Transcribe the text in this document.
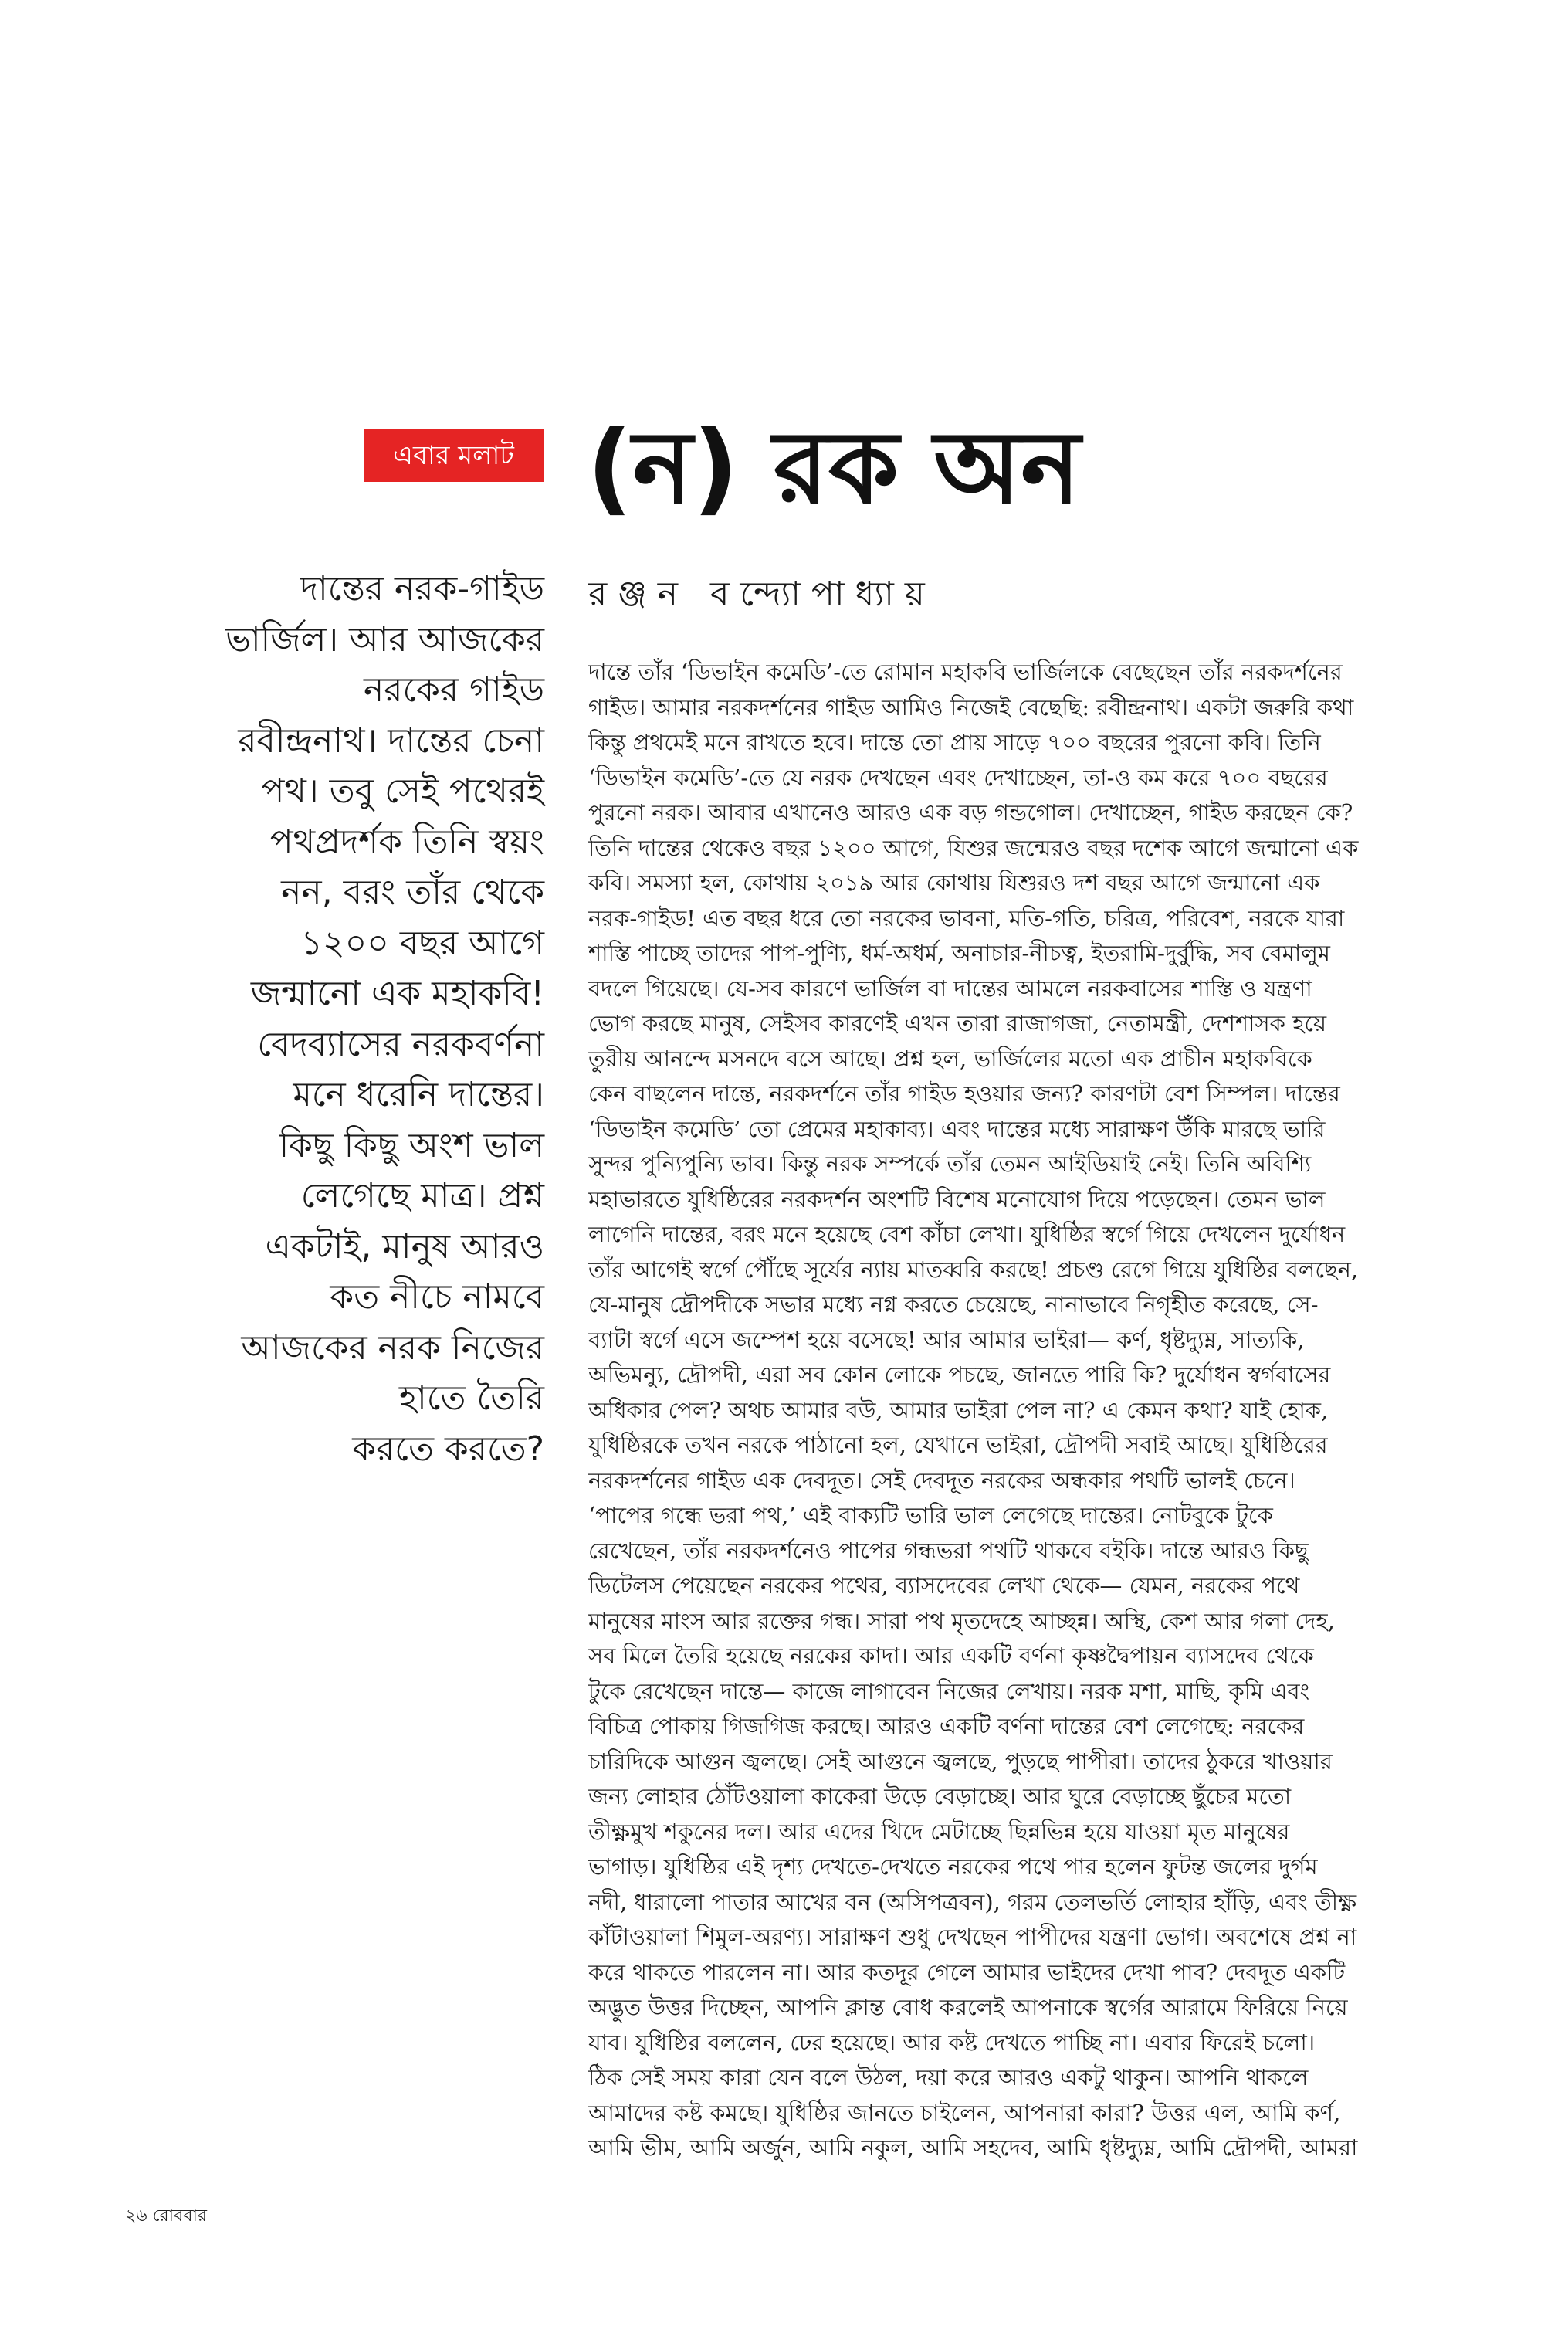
এবার মলাট (ন) রক অন
রঞ্জন বন্দ্যোপাধ্যায়
দান্তের নরক-গাইড
ভার্জিল। আর আজকের
নরকের গাইড
রবীন্দ্রনাথ। দান্তের চেনা
পথ। তবু সেই পথেরই
পথপ্রদর্শক তিনি স্বয়ং
নন, বরং তাঁর থেকে
১২০০ বছর আগে
জন্মানো এক মহাকবি!
বেদব্যাসের নরকবর্ণনা
মনে ধরেনি দান্তের।
কিছু কিছু অংশ ভাল
লেগেছে মাত্র। প্রশ্ন
একটাই, মানুষ আরও
কত নীচে নামবে
আজকের নরক নিজের
হাতে তৈরি
করতে করতে?
দান্তে তাঁর ‘ডিভাইন কমেডি’-তে রোমান মহাকবি ভার্জিলকে বেছেছেন তাঁর নরকদর্শনের
গাইড। আমার নরকদর্শনের গাইড আমিও নিজেই বেছেছি: রবীন্দ্রনাথ। একটা জরুরি কথা
কিন্তু প্রথমেই মনে রাখতে হবে। দান্তে তো প্রায় সাড়ে ৭০০ বছরের পুরনো কবি। তিনি
‘ডিভাইন কমেডি’-তে যে নরক দেখছেন এবং দেখাচ্ছেন, তা-ও কম করে ৭০০ বছরের
পুরনো নরক। আবার এখানেও আরও এক বড় গন্ডগোল। দেখাচ্ছেন, গাইড করছেন কে?
তিনি দান্তের থেকেও বছর ১২০০ আগে, যিশুর জন্মেরও বছর দশেক আগে জন্মানো এক
কবি। সমস্যা হল, কোথায় ২০১৯ আর কোথায় যিশুরও দশ বছর আগে জন্মানো এক
নরক-গাইড! এত বছর ধরে তো নরকের ভাবনা, মতি-গতি, চরিত্র, পরিবেশ, নরকে যারা
শাস্তি পাচ্ছে তাদের পাপ-পুণ্যি, ধর্ম-অধর্ম, অনাচার-নীচত্ব, ইতরামি-দুর্বুদ্ধি, সব বেমালুম
বদলে গিয়েছে। যে-সব কারণে ভার্জিল বা দান্তের আমলে নরকবাসের শাস্তি ও যন্ত্রণা
ভোগ করছে মানুষ, সেইসব কারণেই এখন তারা রাজাগজা, নেতামন্ত্রী, দেশশাসক হয়ে
তুরীয় আনন্দে মসনদে বসে আছে। প্রশ্ন হল, ভার্জিলের মতো এক প্রাচীন মহাকবিকে
কেন বাছলেন দান্তে, নরকদর্শনে তাঁর গাইড হওয়ার জন্য? কারণটা বেশ সিম্পল। দান্তের
‘ডিভাইন কমেডি’ তো প্রেমের মহাকাব্য। এবং দান্তের মধ্যে সারাক্ষণ উঁকি মারছে ভারি
সুন্দর পুন্যিপুন্যি ভাব। কিন্তু নরক সম্পর্কে তাঁর তেমন আইডিয়াই নেই। তিনি অবিশ্যি
মহাভারতে যুধিষ্ঠিরের নরকদর্শন অংশটি বিশেষ মনোযোগ দিয়ে পড়েছেন। তেমন ভাল
লাগেনি দান্তের, বরং মনে হয়েছে বেশ কাঁচা লেখা। যুধিষ্ঠির স্বর্গে গিয়ে দেখলেন দুর্যোধন
তাঁর আগেই স্বর্গে পৌঁছে সূর্যের ন্যায় মাতব্বরি করছে! প্রচণ্ড রেগে গিয়ে যুধিষ্ঠির বলছেন,
যে-মানুষ দ্রৌপদীকে সভার মধ্যে নগ্ন করতে চেয়েছে, নানাভাবে নিগৃহীত করেছে, সে-
ব্যাটা স্বর্গে এসে জম্পেশ হয়ে বসেছে! আর আমার ভাইরা— কর্ণ, ধৃষ্টদ্যুম্ন, সাত্যকি,
অভিমন্যু, দ্রৌপদী, এরা সব কোন লোকে পচছে, জানতে পারি কি? দুর্যোধন স্বর্গবাসের
অধিকার পেল? অথচ আমার বউ, আমার ভাইরা পেল না? এ কেমন কথা? যাই হোক,
যুধিষ্ঠিরকে তখন নরকে পাঠানো হল, যেখানে ভাইরা, দ্রৌপদী সবাই আছে। যুধিষ্ঠিরের
নরকদর্শনের গাইড এক দেবদূত। সেই দেবদূত নরকের অন্ধকার পথটি ভালই চেনে।
‘পাপের গন্ধে ভরা পথ,’ এই বাক্যটি ভারি ভাল লেগেছে দান্তের। নোটবুকে টুকে
রেখেছেন, তাঁর নরকদর্শনেও পাপের গন্ধভরা পথটি থাকবে বইকি। দান্তে আরও কিছু
ডিটেলস পেয়েছেন নরকের পথের, ব্যাসদেবের লেখা থেকে— যেমন, নরকের পথে
মানুষের মাংস আর রক্তের গন্ধ। সারা পথ মৃতদেহে আচ্ছন্ন। অস্থি, কেশ আর গলা দেহ,
সব মিলে তৈরি হয়েছে নরকের কাদা। আর একটি বর্ণনা কৃষ্ণদ্বৈপায়ন ব্যাসদেব থেকে
টুকে রেখেছেন দান্তে— কাজে লাগাবেন নিজের লেখায়। নরক মশা, মাছি, কৃমি এবং
বিচিত্র পোকায় গিজগিজ করছে। আরও একটি বর্ণনা দান্তের বেশ লেগেছে: নরকের
চারিদিকে আগুন জ্বলছে। সেই আগুনে জ্বলছে, পুড়ছে পাপীরা। তাদের ঠুকরে খাওয়ার
জন্য লোহার ঠোঁটওয়ালা কাকেরা উড়ে বেড়াচ্ছে। আর ঘুরে বেড়াচ্ছে ছুঁচের মতো
তীক্ষ্ণমুখ শকুনের দল। আর এদের খিদে মেটাচ্ছে ছিন্নভিন্ন হয়ে যাওয়া মৃত মানুষের
ভাগাড়। যুধিষ্ঠির এই দৃশ্য দেখতে-দেখতে নরকের পথে পার হলেন ফুটন্ত জলের দুর্গম
নদী, ধারালো পাতার আখের বন (অসিপত্রবন), গরম তেলভর্তি লোহার হাঁড়ি, এবং তীক্ষ্ণ
কাঁটাওয়ালা শিমুল-অরণ্য। সারাক্ষণ শুধু দেখছেন পাপীদের যন্ত্রণা ভোগ। অবশেষে প্রশ্ন না
করে থাকতে পারলেন না। আর কতদূর গেলে আমার ভাইদের দেখা পাব? দেবদূত একটি
অদ্ভুত উত্তর দিচ্ছেন, আপনি ক্লান্ত বোধ করলেই আপনাকে স্বর্গের আরামে ফিরিয়ে নিয়ে
যাব। যুধিষ্ঠির বললেন, ঢের হয়েছে। আর কষ্ট দেখতে পাচ্ছি না। এবার ফিরেই চলো।
ঠিক সেই সময় কারা যেন বলে উঠল, দয়া করে আরও একটু থাকুন। আপনি থাকলে
আমাদের কষ্ট কমছে। যুধিষ্ঠির জানতে চাইলেন, আপনারা কারা? উত্তর এল, আমি কর্ণ,
আমি ভীম, আমি অর্জুন, আমি নকুল, আমি সহদেব, আমি ধৃষ্টদ্যুম্ন, আমি দ্রৌপদী, আমরা
২৬ রোববার
